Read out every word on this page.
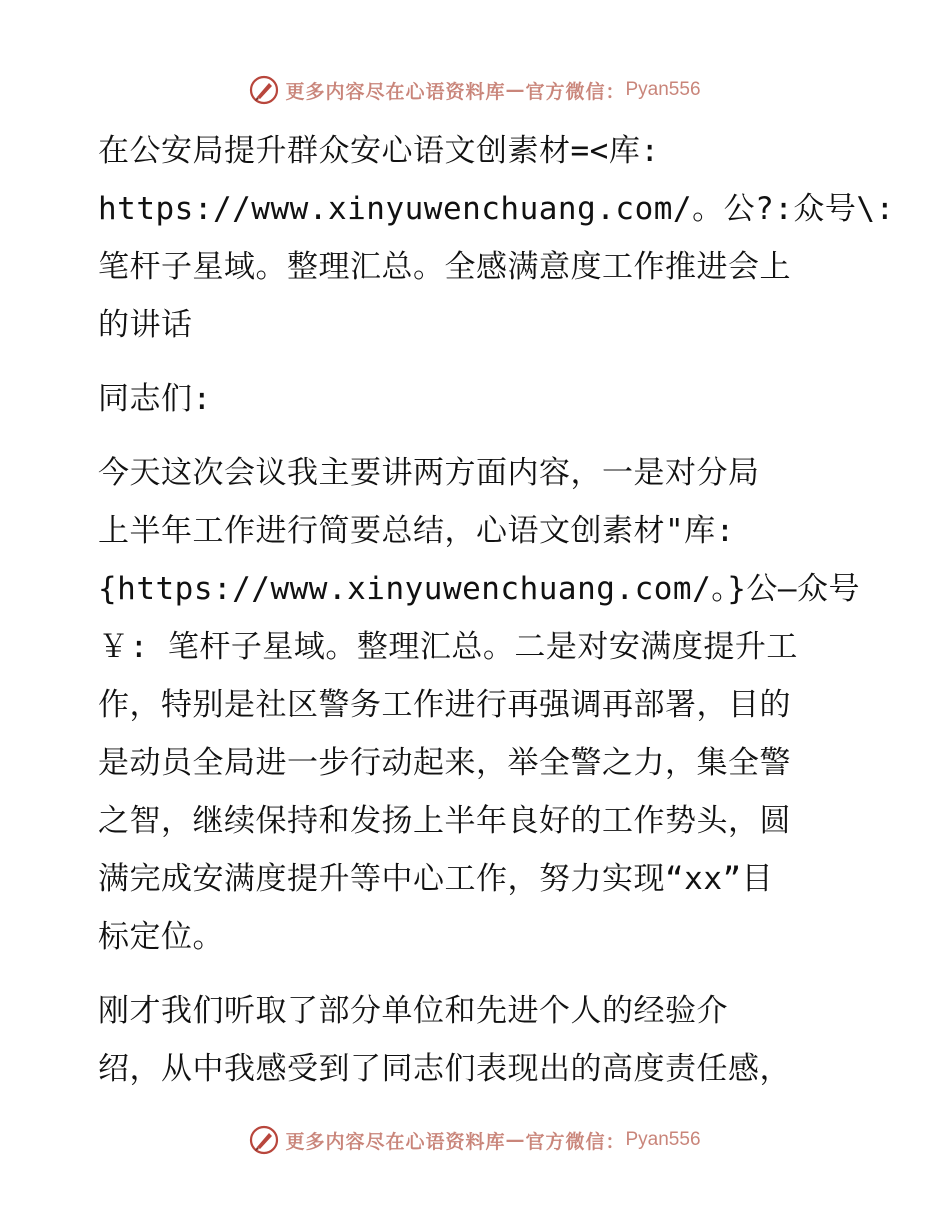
更多内容尽在心语资料库 — 官方微信： Pyan556

在公安局提升群众安心语文创素材=<库:
https://www.xinyuwenchuang.com/。公?:众号\:
笔杆子星域。整理汇总。全感满意度工作推进会上
的讲话

同志们:

今天这次会议我主要讲两方面内容，一是对分局
上半年工作进行简要总结，心语文创素材"库:
{https://www.xinyuwenchuang.com/。}公—众号
￥: 笔杆子星域。整理汇总。二是对安满度提升工
作，特别是社区警务工作进行再强调再部署，目的
是动员全局进一步行动起来，举全警之力，集全警
之智，继续保持和发扬上半年良好的工作势头，圆
满完成安满度提升等中心工作，努力实现“xx”目
标定位。

刚才我们听取了部分单位和先进个人的经验介
绍，从中我感受到了同志们表现出的高度责任感，

更多内容尽在心语资料库 — 官方微信： Pyan556
